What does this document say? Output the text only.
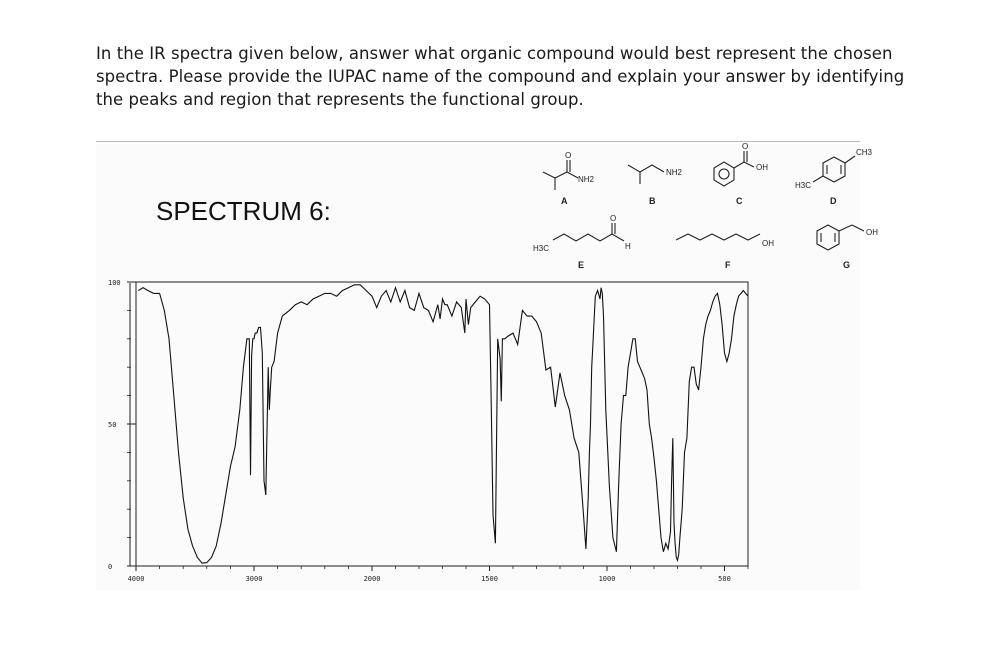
In the IR spectra given below, answer what organic compound would best represent the chosen
spectra. Please provide the IUPAC name of the compound and explain your answer by identifying
the peaks and region that represents the functional group.
SPECTRUM 6:
O
NH2
A
NH2
B
O
OH
C
CH3
H3C
D
O
H3C	H
E
OH
F
OH
G
100
50
0
4000	3000	2000	1500	1000	500
